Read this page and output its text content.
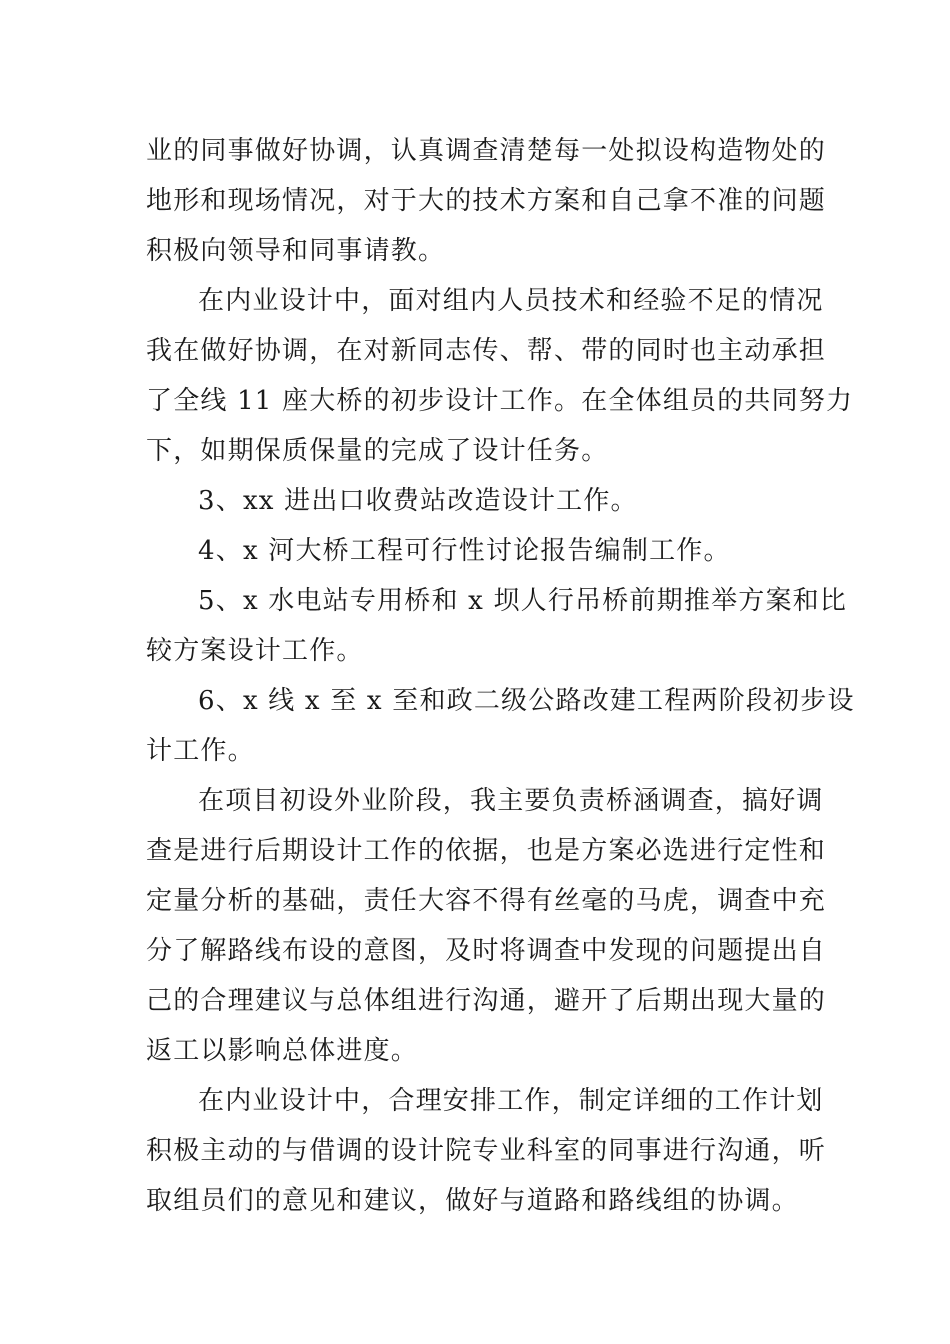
业的同事做好协调，认真调查清楚每一处拟设构造物处的
地形和现场情况，对于大的技术方案和自己拿不准的问题
积极向领导和同事请教。
在内业设计中，面对组内人员技术和经验不足的情况
我在做好协调，在对新同志传、帮、带的同时也主动承担
了全线 11 座大桥的初步设计工作。在全体组员的共同努力
下，如期保质保量的完成了设计任务。
3、xx 进出口收费站改造设计工作。
4、x 河大桥工程可行性讨论报告编制工作。
5、x 水电站专用桥和 x 坝人行吊桥前期推举方案和比
较方案设计工作。
6、x 线 x 至 x 至和政二级公路改建工程两阶段初步设
计工作。
在项目初设外业阶段，我主要负责桥涵调查，搞好调
查是进行后期设计工作的依据，也是方案必选进行定性和
定量分析的基础，责任大容不得有丝毫的马虎，调查中充
分了解路线布设的意图，及时将调查中发现的问题提出自
己的合理建议与总体组进行沟通，避开了后期出现大量的
返工以影响总体进度。
在内业设计中，合理安排工作，制定详细的工作计划
积极主动的与借调的设计院专业科室的同事进行沟通，听
取组员们的意见和建议，做好与道路和路线组的协调。
